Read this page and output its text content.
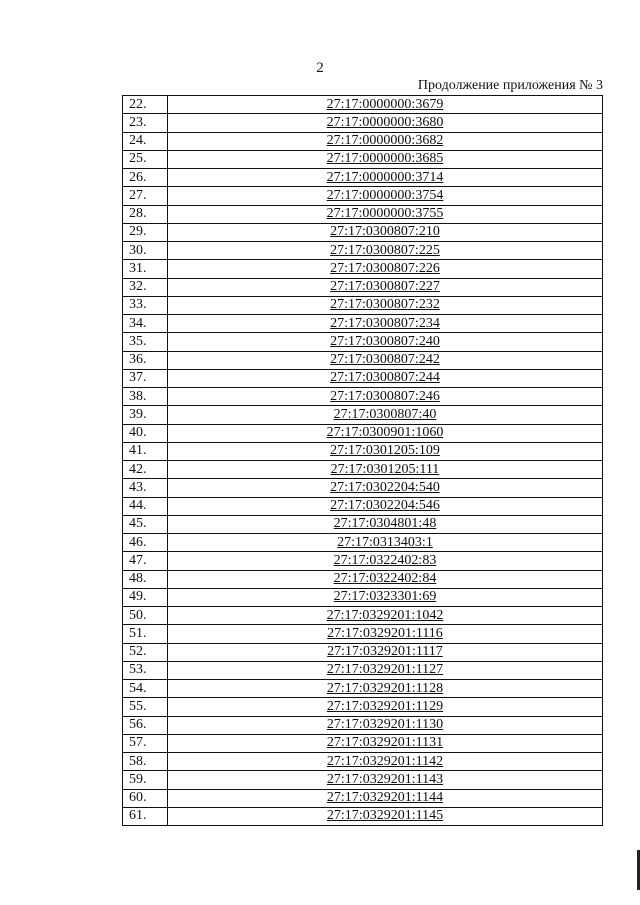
2
Продолжение приложения № 3
22.	27:17:0000000:3679
23.	27:17:0000000:3680
24.	27:17:0000000:3682
25.	27:17:0000000:3685
26.	27:17:0000000:3714
27.	27:17:0000000:3754
28.	27:17:0000000:3755
29.	27:17:0300807:210
30.	27:17:0300807:225
31.	27:17:0300807:226
32.	27:17:0300807:227
33.	27:17:0300807:232
34.	27:17:0300807:234
35.	27:17:0300807:240
36.	27:17:0300807:242
37.	27:17:0300807:244
38.	27:17:0300807:246
39.	27:17:0300807:40
40.	27:17:0300901:1060
41.	27:17:0301205:109
42.	27:17:0301205:111
43.	27:17:0302204:540
44.	27:17:0302204:546
45.	27:17:0304801:48
46.	27:17:0313403:1
47.	27:17:0322402:83
48.	27:17:0322402:84
49.	27:17:0323301:69
50.	27:17:0329201:1042
51.	27:17:0329201:1116
52.	27:17:0329201:1117
53.	27:17:0329201:1127
54.	27:17:0329201:1128
55.	27:17:0329201:1129
56.	27:17:0329201:1130
57.	27:17:0329201:1131
58.	27:17:0329201:1142
59.	27:17:0329201:1143
60.	27:17:0329201:1144
61.	27:17:0329201:1145
